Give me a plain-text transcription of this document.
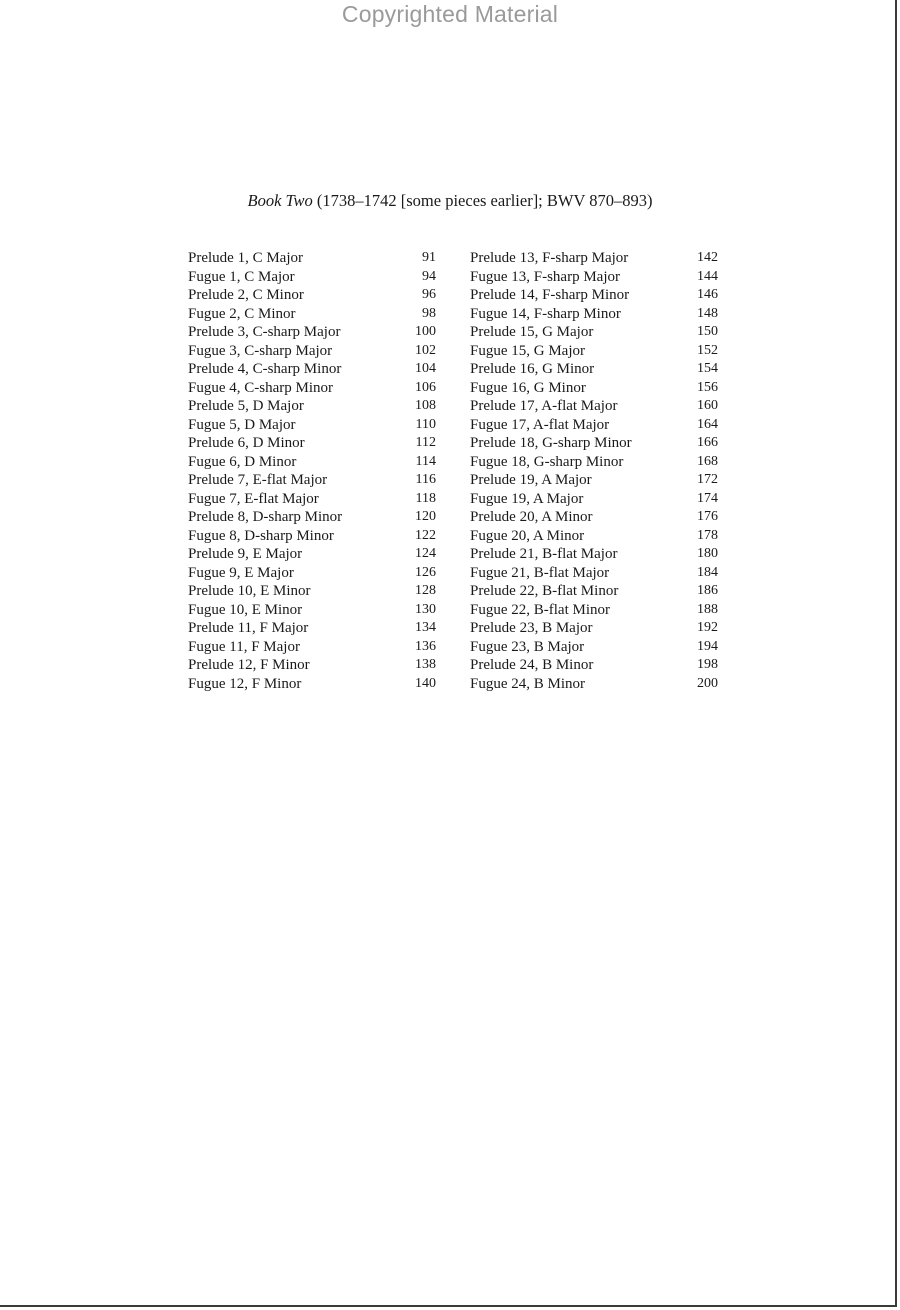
Copyrighted Material
Book Two (1738–1742 [some pieces earlier]; BWV 870–893)
Prelude 1, C Major	91
Fugue 1, C Major	94
Prelude 2, C Minor	96
Fugue 2, C Minor	98
Prelude 3, C-sharp Major	100
Fugue 3, C-sharp Major	102
Prelude 4, C-sharp Minor	104
Fugue 4, C-sharp Minor	106
Prelude 5, D Major	108
Fugue 5, D Major	110
Prelude 6, D Minor	112
Fugue 6, D Minor	114
Prelude 7, E-flat Major	116
Fugue 7, E-flat Major	118
Prelude 8, D-sharp Minor	120
Fugue 8, D-sharp Minor	122
Prelude 9, E Major	124
Fugue 9, E Major	126
Prelude 10, E Minor	128
Fugue 10, E Minor	130
Prelude 11, F Major	134
Fugue 11, F Major	136
Prelude 12, F Minor	138
Fugue 12, F Minor	140
Prelude 13, F-sharp Major	142
Fugue 13, F-sharp Major	144
Prelude 14, F-sharp Minor	146
Fugue 14, F-sharp Minor	148
Prelude 15, G Major	150
Fugue 15, G Major	152
Prelude 16, G Minor	154
Fugue 16, G Minor	156
Prelude 17, A-flat Major	160
Fugue 17, A-flat Major	164
Prelude 18, G-sharp Minor	166
Fugue 18, G-sharp Minor	168
Prelude 19, A Major	172
Fugue 19, A Major	174
Prelude 20, A Minor	176
Fugue 20, A Minor	178
Prelude 21, B-flat Major	180
Fugue 21, B-flat Major	184
Prelude 22, B-flat Minor	186
Fugue 22, B-flat Minor	188
Prelude 23, B Major	192
Fugue 23, B Major	194
Prelude 24, B Minor	198
Fugue 24, B Minor	200
